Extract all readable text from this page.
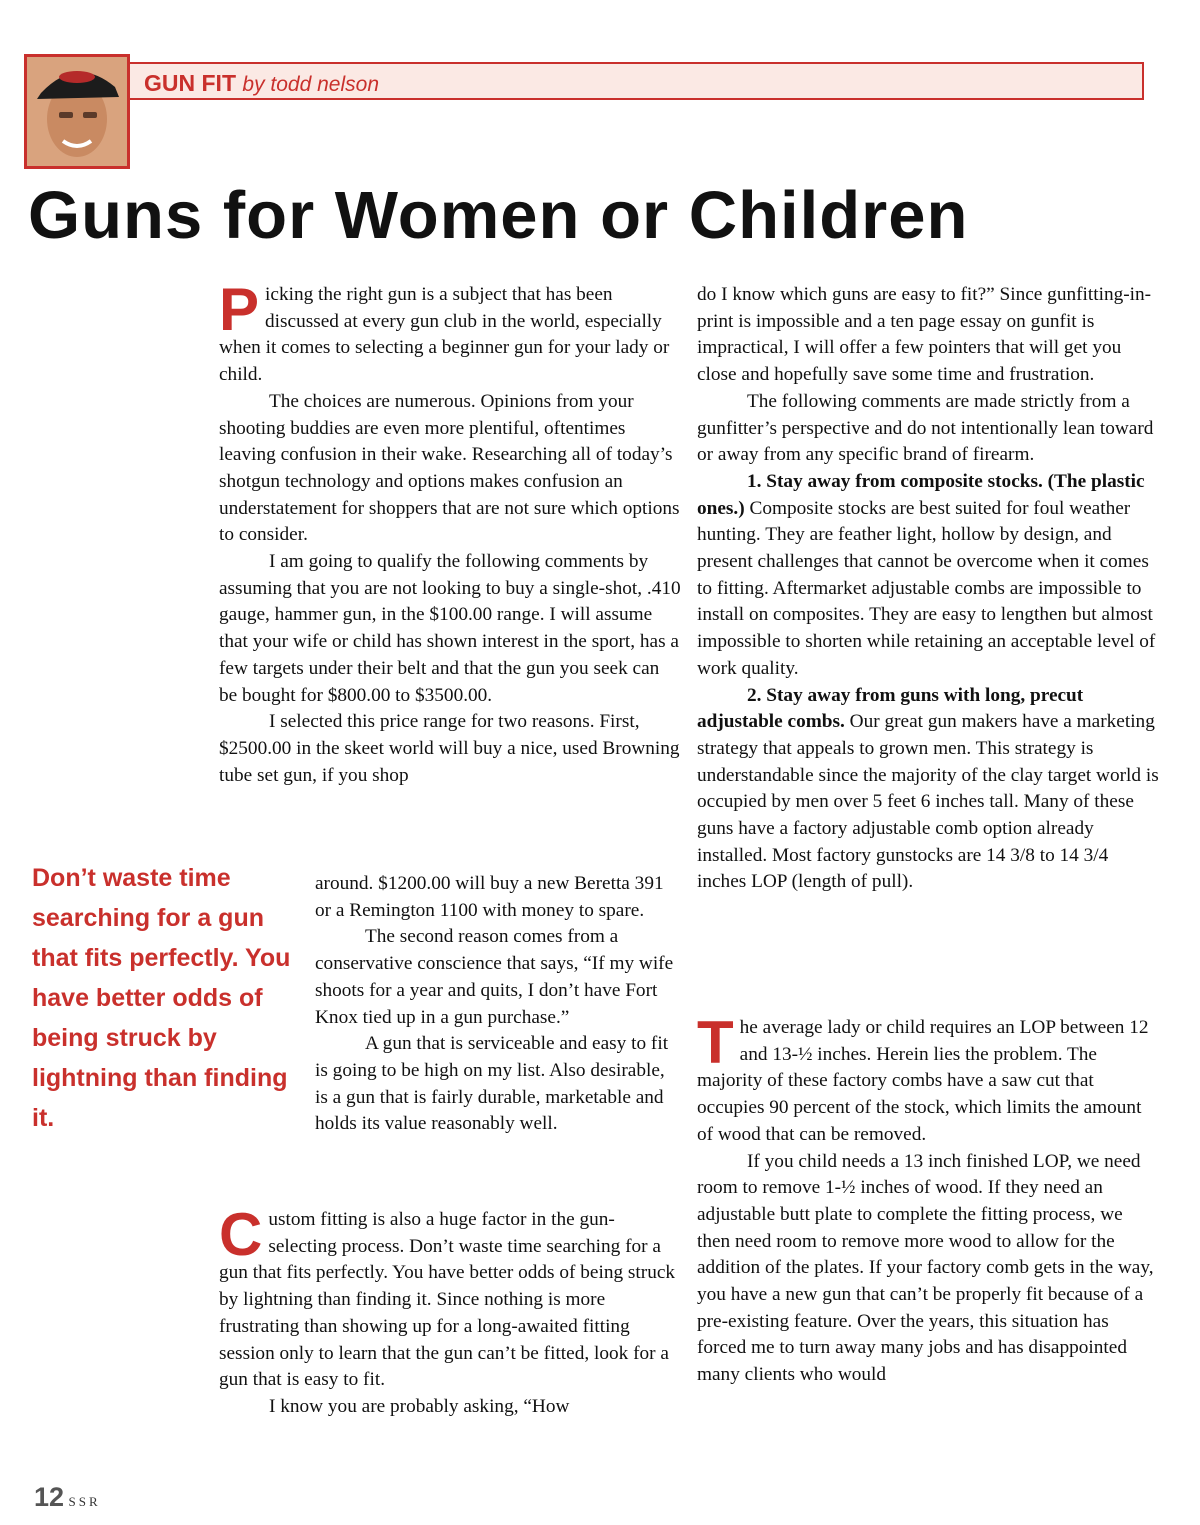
GUN FIT by todd nelson
Guns for Women or Children

Picking the right gun is a subject that has been discussed at every gun club in the world, especially when it comes to selecting a beginner gun for your lady or child.

The choices are numerous. Opinions from your shooting buddies are even more plentiful, oftentimes leaving confusion in their wake. Researching all of today’s shotgun technology and options makes confusion an understatement for shoppers that are not sure which options to consider.

I am going to qualify the following comments by assuming that you are not looking to buy a single-shot, .410 gauge, hammer gun, in the $100.00 range. I will assume that your wife or child has shown interest in the sport, has a few targets under their belt and that the gun you seek can be bought for $800.00 to $3500.00.

I selected this price range for two reasons. First, $2500.00 in the skeet world will buy a nice, used Browning tube set gun, if you shop

Don’t waste time searching for a gun that fits perfectly. You have better odds of being struck by lightning than finding it.

around. $1200.00 will buy a new Beretta 391 or a Remington 1100 with money to spare.

The second reason comes from a conservative conscience that says, “If my wife shoots for a year and quits, I don’t have Fort Knox tied up in a gun purchase.”

A gun that is serviceable and easy to fit is going to be high on my list. Also desirable, is a gun that is fairly durable, marketable and holds its value reasonably well.

Custom fitting is also a huge factor in the gun-selecting process. Don’t waste time searching for a gun that fits perfectly. You have better odds of being struck by lightning than finding it. Since nothing is more frustrating than showing up for a long-awaited fitting session only to learn that the gun can’t be fitted, look for a gun that is easy to fit.

I know you are probably asking, “How

do I know which guns are easy to fit?” Since gunfitting-in-print is impossible and a ten page essay on gunfit is impractical, I will offer a few pointers that will get you close and hopefully save some time and frustration.

The following comments are made strictly from a gunfitter’s perspective and do not intentionally lean toward or away from any specific brand of firearm.

1. Stay away from composite stocks. (The plastic ones.) Composite stocks are best suited for foul weather hunting. They are feather light, hollow by design, and present challenges that cannot be overcome when it comes to fitting. Aftermarket adjustable combs are impossible to install on composites. They are easy to lengthen but almost impossible to shorten while retaining an acceptable level of work quality.

2. Stay away from guns with long, precut adjustable combs. Our great gun makers have a marketing strategy that appeals to grown men. This strategy is understandable since the majority of the clay target world is occupied by men over 5 feet 6 inches tall. Many of these guns have a factory adjustable comb option already installed. Most factory gunstocks are 14 3/8 to 14 3/4 inches LOP (length of pull).

The average lady or child requires an LOP between 12 and 13-½ inches. Herein lies the problem. The majority of these factory combs have a saw cut that occupies 90 percent of the stock, which limits the amount of wood that can be removed.

If you child needs a 13 inch finished LOP, we need room to remove 1-½ inches of wood. If they need an adjustable butt plate to complete the fitting process, we then need room to remove more wood to allow for the addition of the plates. If your factory comb gets in the way, you have a new gun that can’t be properly fit because of a pre-existing feature. Over the years, this situation has forced me to turn away many jobs and has disappointed many clients who would

12 SSR
